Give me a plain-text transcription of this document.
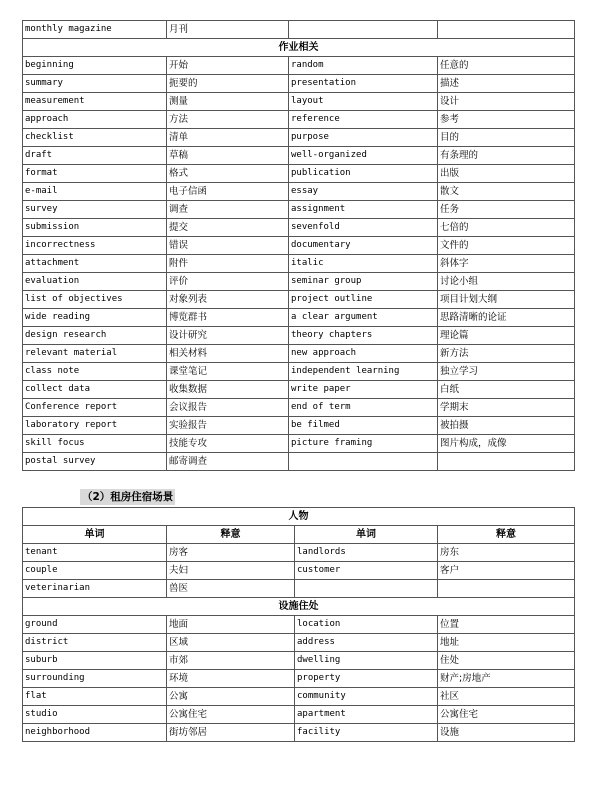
monthly magazine	月刊		
作业相关			
beginning	开始	random	任意的
summary	扼要的	presentation	描述
measurement	测量	layout	设计
approach	方法	reference	参考
checklist	清单	purpose	目的
draft	草稿	well-organized	有条理的
format	格式	publication	出版
e-mail	电子信函	essay	散文
survey	调查	assignment	任务
submission	提交	sevenfold	七倍的
incorrectness	错误	documentary	文件的
attachment	附件	italic	斜体字
evaluation	评价	seminar group	讨论小组
list of objectives	对象列表	project outline	项目计划大纲
wide reading	博览群书	a clear argument	思路清晰的论证
design research	设计研究	theory chapters	理论篇
relevant material	相关材料	new approach	新方法
class note	课堂笔记	independent learning	独立学习
collect data	收集数据	write paper	白纸
Conference report	会议报告	end of term	学期末
laboratory report	实验报告	be filmed	被拍摄
skill focus	技能专攻	picture framing	图片构成，成像
postal survey	邮寄调查		
（2）租房住宿场景
人物			
单词	释意	单词	释意
tenant	房客	landlords	房东
couple	夫妇	customer	客户
veterinarian	兽医		
设施住处			
ground	地面	location	位置
district	区域	address	地址
suburb	市郊	dwelling	住处
surrounding	环境	property	财产;房地产
flat	公寓	community	社区
studio	公寓住宅	apartment	公寓住宅
neighborhood	街坊邻居	facility	设施
